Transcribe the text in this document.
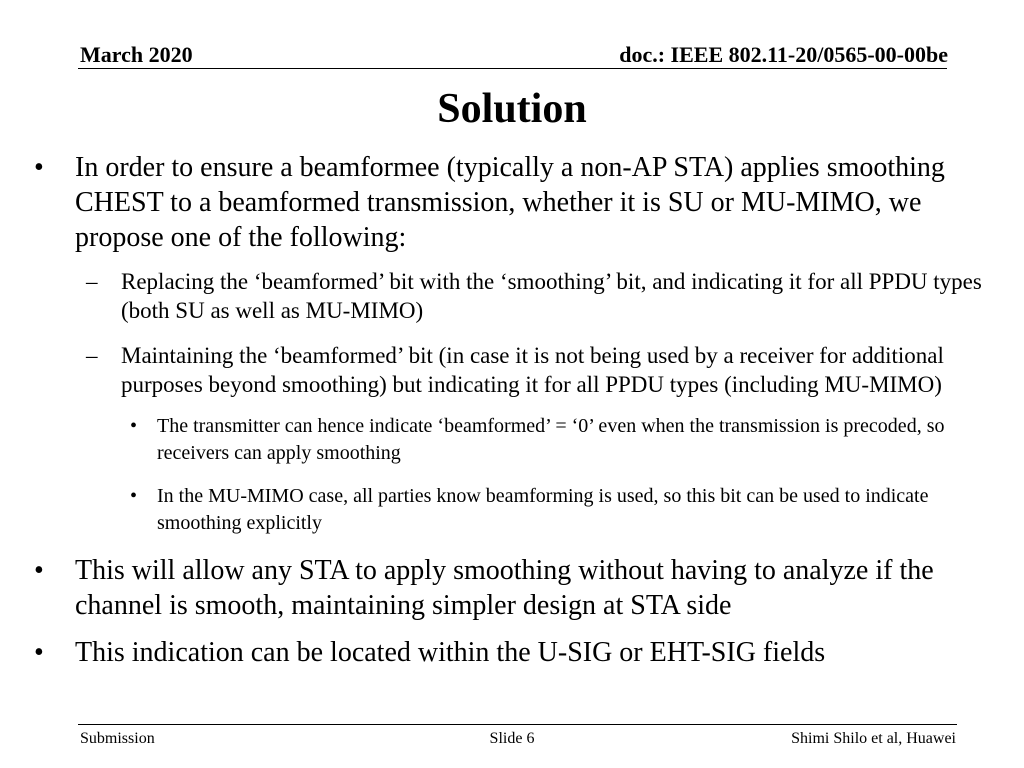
March 2020	doc.: IEEE 802.11-20/0565-00-00be
Solution
•	In order to ensure a beamformee (typically a non-AP STA) applies smoothing CHEST to a beamformed transmission, whether it is SU or MU-MIMO, we propose one of the following:
– Replacing the ‘beamformed’ bit with the ‘smoothing’ bit, and indicating it for all PPDU types (both SU as well as MU-MIMO)
– Maintaining the ‘beamformed’ bit (in case it is not being used by a receiver for additional purposes beyond smoothing) but indicating it for all PPDU types (including MU-MIMO)
• The transmitter can hence indicate ‘beamformed’ = ‘0’ even when the transmission is precoded, so receivers can apply smoothing
• In the MU-MIMO case, all parties know beamforming is used, so this bit can be used to indicate smoothing explicitly
•	This will allow any STA to apply smoothing without having to analyze if the channel is smooth, maintaining simpler design at STA side
•	This indication can be located within the U-SIG or EHT-SIG fields
Submission	Slide 6	Shimi Shilo et al, Huawei
